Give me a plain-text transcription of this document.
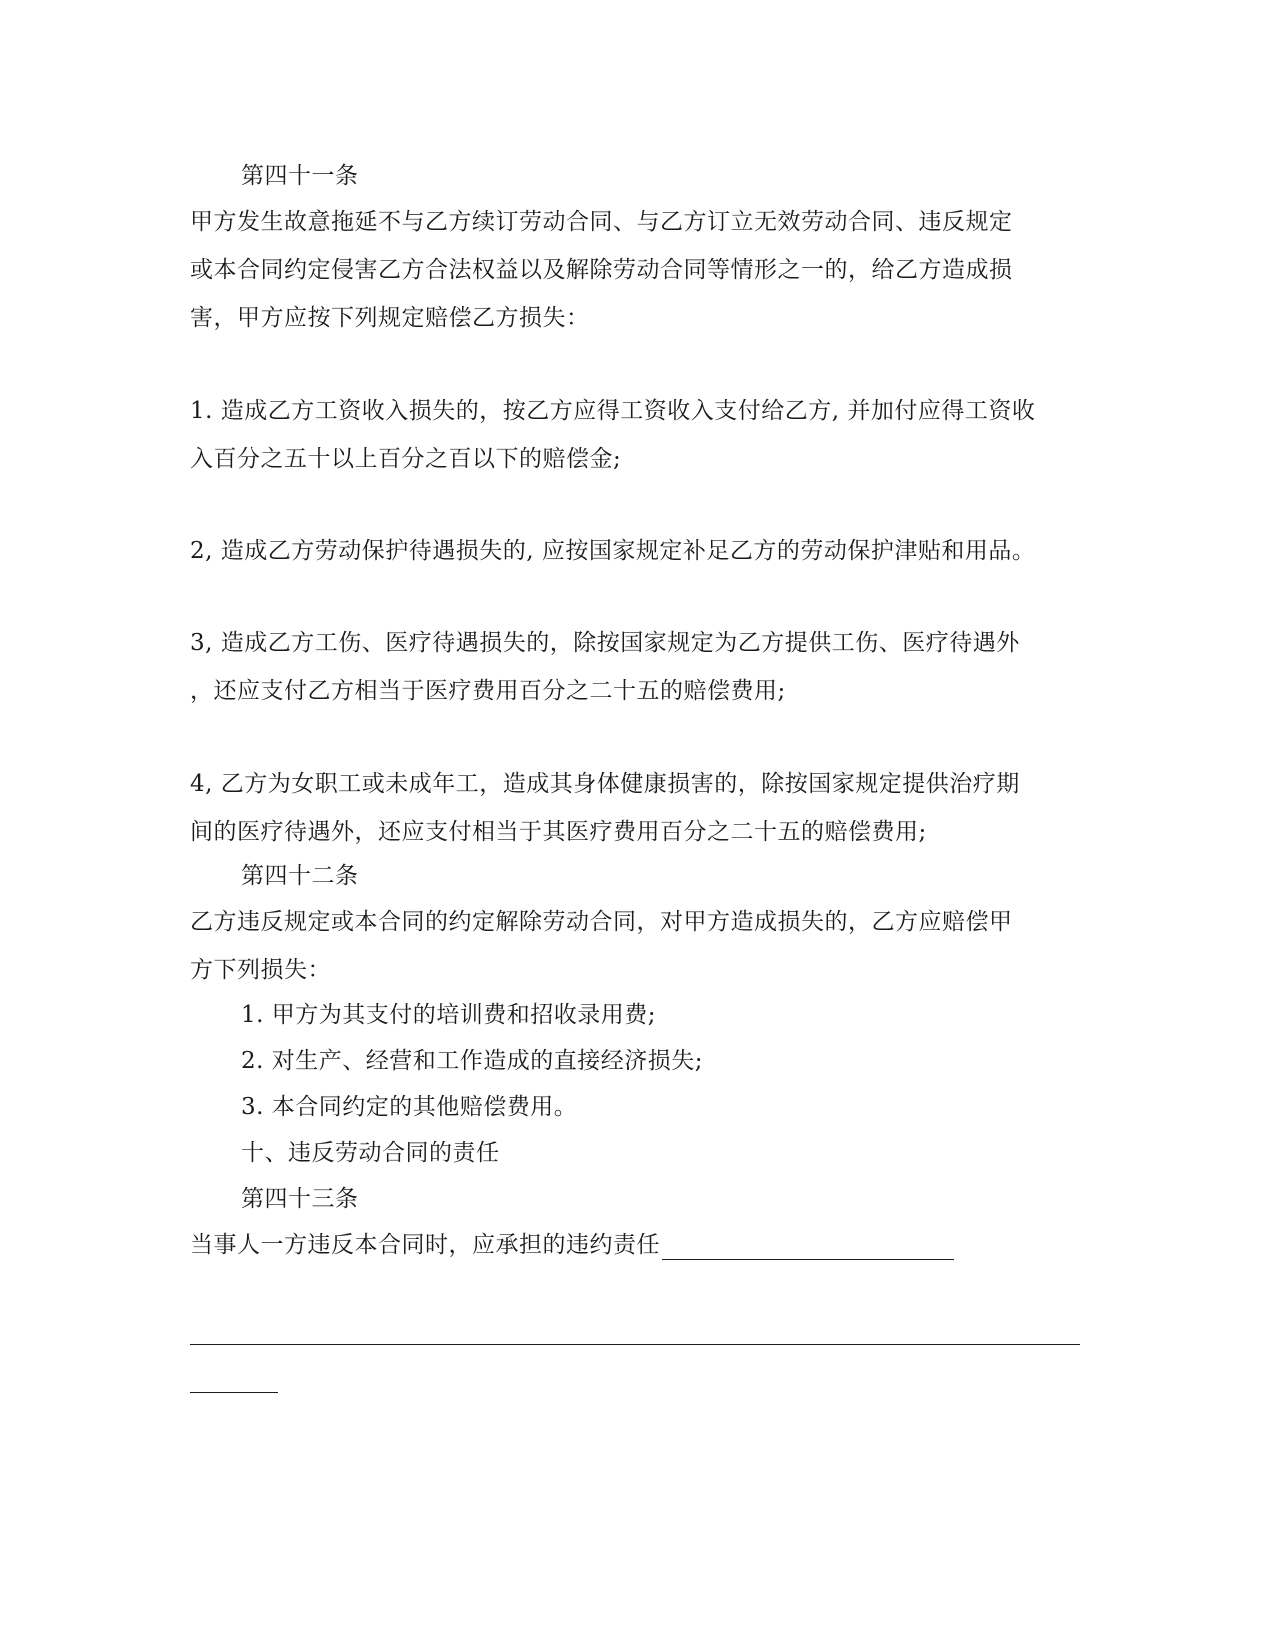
第四十一条
甲方发生故意拖延不与乙方续订劳动合同、与乙方订立无效劳动合同、违反规定
或本合同约定侵害乙方合法权益以及解除劳动合同等情形之一的，给乙方造成损
害，甲方应按下列规定赔偿乙方损失：
1. 造成乙方工资收入损失的，按乙方应得工资收入支付给乙方, 并加付应得工资收
入百分之五十以上百分之百以下的赔偿金;
2, 造成乙方劳动保护待遇损失的, 应按国家规定补足乙方的劳动保护津贴和用品。
3, 造成乙方工伤、医疗待遇损失的，除按国家规定为乙方提供工伤、医疗待遇外
，还应支付乙方相当于医疗费用百分之二十五的赔偿费用;
4, 乙方为女职工或未成年工，造成其身体健康损害的，除按国家规定提供治疗期
间的医疗待遇外，还应支付相当于其医疗费用百分之二十五的赔偿费用;
第四十二条
乙方违反规定或本合同的约定解除劳动合同，对甲方造成损失的，乙方应赔偿甲
方下列损失：
1. 甲方为其支付的培训费和招收录用费;
2. 对生产、经营和工作造成的直接经济损失;
3. 本合同约定的其他赔偿费用。
十、违反劳动合同的责任
第四十三条
当事人一方违反本合同时，应承担的违约责任
